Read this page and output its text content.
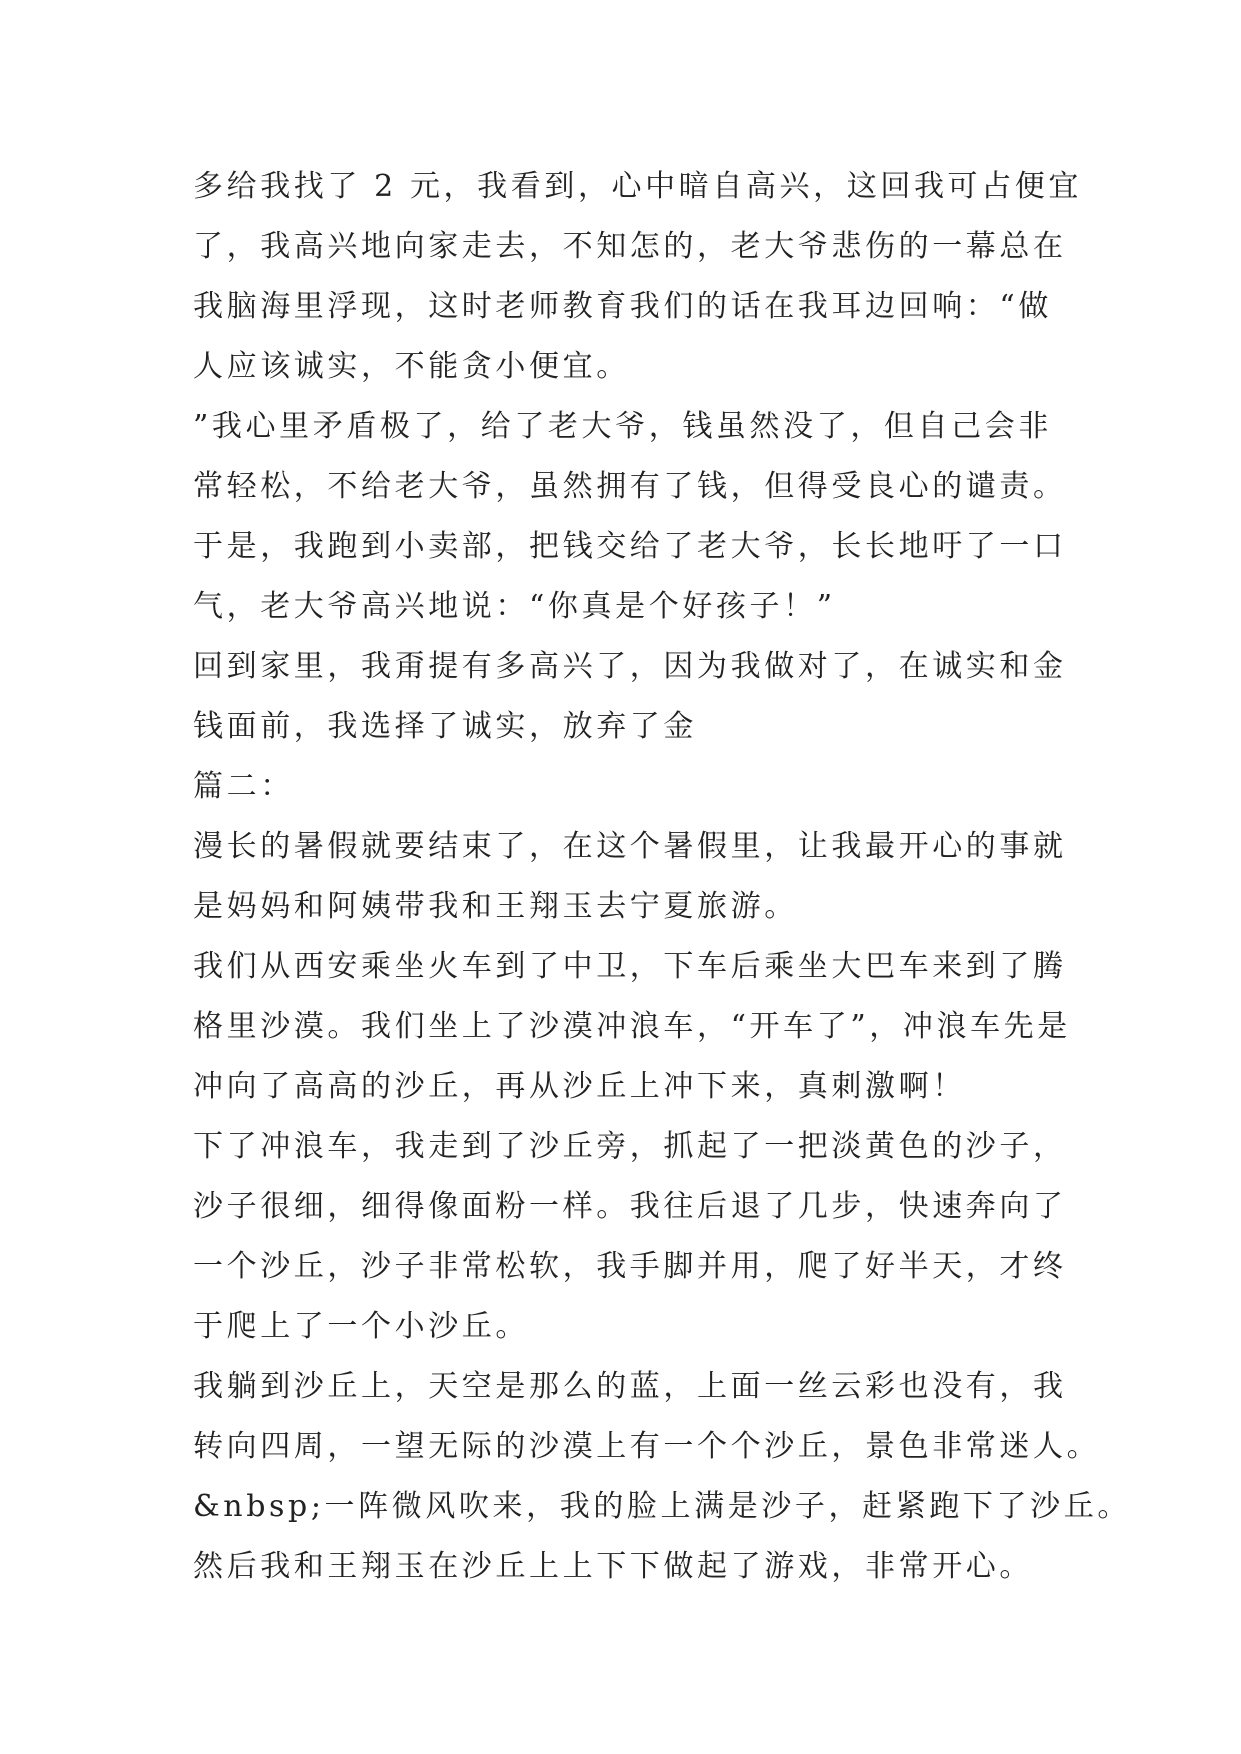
多给我找了 2 元，我看到，心中暗自高兴，这回我可占便宜
了，我高兴地向家走去，不知怎的，老大爷悲伤的一幕总在
我脑海里浮现，这时老师教育我们的话在我耳边回响：“做
人应该诚实，不能贪小便宜。
”我心里矛盾极了，给了老大爷，钱虽然没了，但自己会非
常轻松，不给老大爷，虽然拥有了钱，但得受良心的谴责。
于是，我跑到小卖部，把钱交给了老大爷，长长地吁了一口
气，老大爷高兴地说：“你真是个好孩子！”
回到家里，我甭提有多高兴了，因为我做对了，在诚实和金
钱面前，我选择了诚实，放弃了金
篇二：
漫长的暑假就要结束了，在这个暑假里，让我最开心的事就
是妈妈和阿姨带我和王翔玉去宁夏旅游。
我们从西安乘坐火车到了中卫，下车后乘坐大巴车来到了腾
格里沙漠。我们坐上了沙漠冲浪车，“开车了”，冲浪车先是
冲向了高高的沙丘，再从沙丘上冲下来，真刺激啊！
下了冲浪车，我走到了沙丘旁，抓起了一把淡黄色的沙子，
沙子很细，细得像面粉一样。我往后退了几步，快速奔向了
一个沙丘，沙子非常松软，我手脚并用，爬了好半天，才终
于爬上了一个小沙丘。
我躺到沙丘上，天空是那么的蓝，上面一丝云彩也没有，我
转向四周，一望无际的沙漠上有一个个沙丘，景色非常迷人。
&nbsp;一阵微风吹来，我的脸上满是沙子，赶紧跑下了沙丘。
然后我和王翔玉在沙丘上上下下做起了游戏，非常开心。
